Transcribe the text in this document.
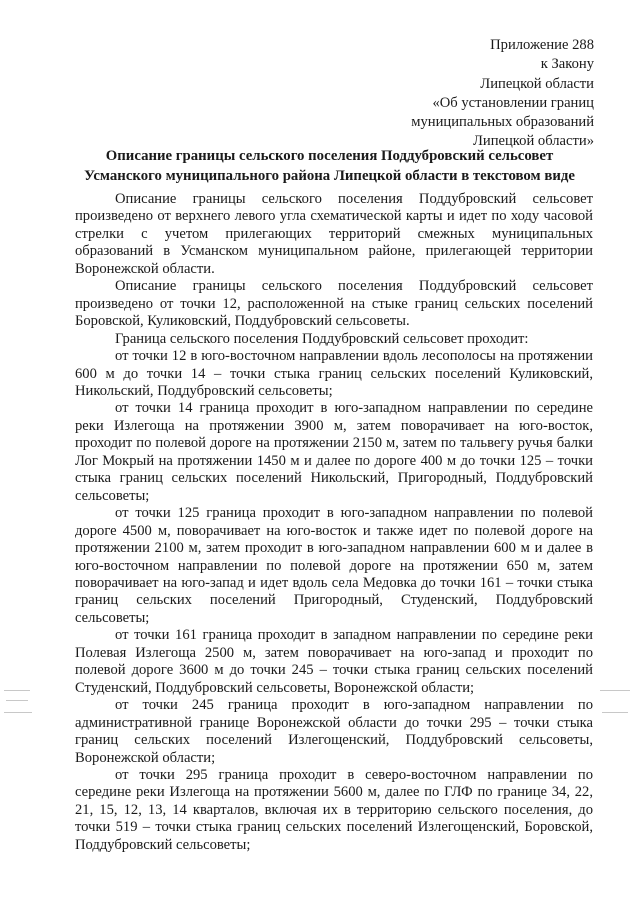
Приложение 288
к Закону
Липецкой области
«Об установлении границ
муниципальных образований
Липецкой области»
Описание границы сельского поселения Поддубровский сельсовет
Усманского муниципального района Липецкой области в текстовом виде

Описание границы сельского поселения Поддубровский сельсовет произведено от верхнего левого угла схематической карты и идет по ходу часовой стрелки с учетом прилегающих территорий смежных муниципальных образований в Усманском муниципальном районе, прилегающей территории Воронежской области.

Описание границы сельского поселения Поддубровский сельсовет произведено от точки 12, расположенной на стыке границ сельских поселений Боровской, Куликовский, Поддубровский сельсоветы.

Граница сельского поселения Поддубровский сельсовет проходит:

от точки 12 в юго-восточном направлении вдоль лесополосы на протяжении 600 м до точки 14 – точки стыка границ сельских поселений Куликовский, Никольский, Поддубровский сельсоветы;

от точки 14 граница проходит в юго-западном направлении по середине реки Излегоща на протяжении 3900 м, затем поворачивает на юго-восток, проходит по полевой дороге на протяжении 2150 м, затем по тальвегу ручья балки Лог Мокрый на протяжении 1450 м и далее по дороге 400 м до точки 125 – точки стыка границ сельских поселений Никольский, Пригородный, Поддубровский сельсоветы;

от точки 125 граница проходит в юго-западном направлении по полевой дороге 4500 м, поворачивает на юго-восток и также идет по полевой дороге на протяжении 2100 м, затем проходит в юго-западном направлении 600 м и далее в юго-восточном направлении по полевой дороге на протяжении 650 м, затем поворачивает на юго-запад и идет вдоль села Медовка до точки 161 – точки стыка границ сельских поселений Пригородный, Студенский, Поддубровский сельсоветы;

от точки 161 граница проходит в западном направлении по середине реки Полевая Излегоща 2500 м, затем поворачивает на юго-запад и проходит по полевой дороге 3600 м до точки 245 – точки стыка границ сельских поселений Студенский, Поддубровский сельсоветы, Воронежской области;

от точки 245 граница проходит в юго-западном направлении по административной границе Воронежской области до точки 295 – точки стыка границ сельских поселений Излегощенский, Поддубровский сельсоветы, Воронежской области;

от точки 295 граница проходит в северо-восточном направлении по середине реки Излегоща на протяжении 5600 м, далее по ГЛФ по границе 34, 22, 21, 15, 12, 13, 14 кварталов, включая их в территорию сельского поселения, до точки 519 – точки стыка границ сельских поселений Излегощенский, Боровской, Поддубровский сельсоветы;
